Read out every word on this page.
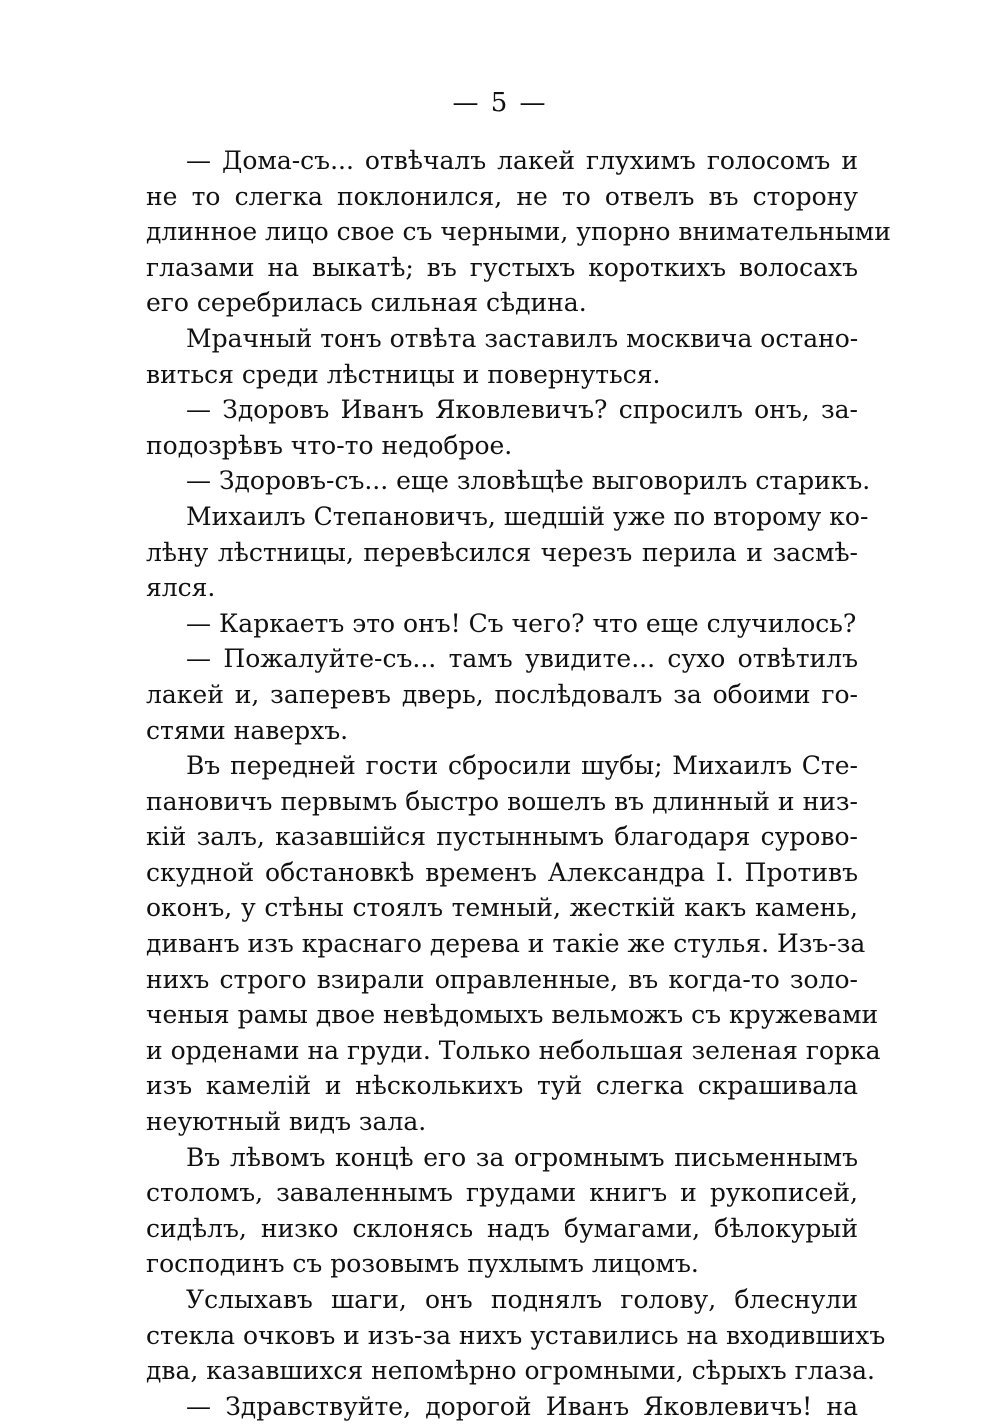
— 5 —
— Дома-съ... отвѣчалъ лакей глухимъ голосомъ и
не то слегка поклонился, не то отвелъ въ сторону
длинное лицо свое съ черными, упорно внимательными
глазами на выкатѣ; въ густыхъ короткихъ волосахъ
его серебрилась сильная сѣдина.
Мрачный тонъ отвѣта заставилъ москвича остано-
виться среди лѣстницы и повернуться.
— Здоровъ Иванъ Яковлевичъ? спросилъ онъ, за-
подозрѣвъ что-то недоброе.
— Здоровъ-съ... еще зловѣщѣе выговорилъ старикъ.
Михаилъ Степановичъ, шедшій уже по второму ко-
лѣну лѣстницы, перевѣсился черезъ перила и засмѣ-
ялся.
— Каркаетъ это онъ! Съ чего? что еще случилось?
— Пожалуйте-съ... тамъ увидите... сухо отвѣтилъ
лакей и, заперевъ дверь, послѣдовалъ за обоими го-
стями наверхъ.
Въ передней гости сбросили шубы; Михаилъ Сте-
пановичъ первымъ быстро вошелъ въ длинный и низ-
кій залъ, казавшійся пустыннымъ благодаря сурово-
скудной обстановкѣ временъ Александра I. Противъ
оконъ, у стѣны стоялъ темный, жесткій какъ камень,
диванъ изъ краснаго дерева и такіе же стулья. Изъ-за
нихъ строго взирали оправленные, въ когда-то золо-
ченыя рамы двое невѣдомыхъ вельможъ съ кружевами
и орденами на груди. Только небольшая зеленая горка
изъ камелій и нѣсколькихъ туй слегка скрашивала
неуютный видъ зала.
Въ лѣвомъ концѣ его за огромнымъ письменнымъ
столомъ, заваленнымъ грудами книгъ и рукописей,
сидѣлъ, низко склонясь надъ бумагами, бѣлокурый
господинъ съ розовымъ пухлымъ лицомъ.
Услыхавъ шаги, онъ поднялъ голову, блеснули
стекла очковъ и изъ-за нихъ уставились на входившихъ
два, казавшихся непомѣрно огромными, сѣрыхъ глаза.
— Здравствуйте, дорогой Иванъ Яковлевичъ! на
